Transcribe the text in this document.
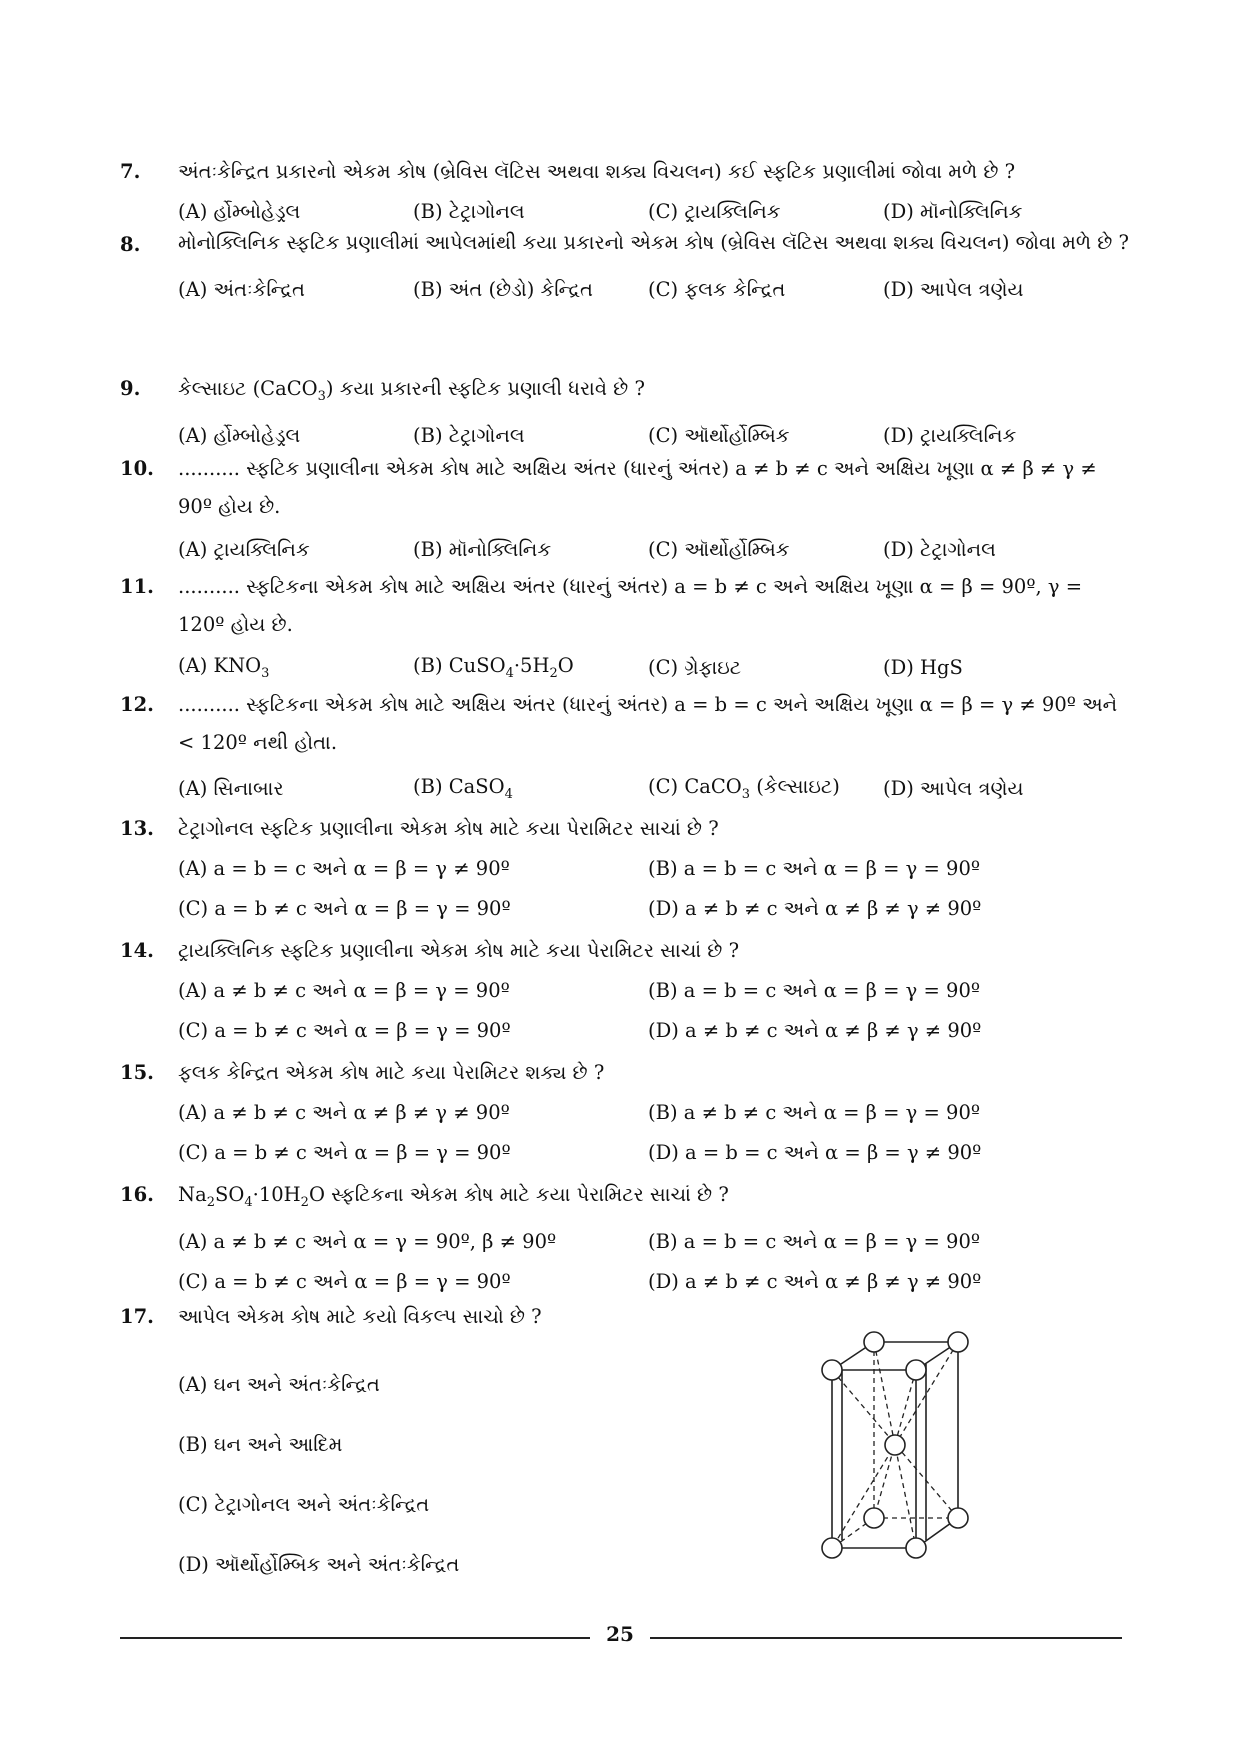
7.	અંતઃકેન્દ્રિત પ્રકારનો એકમ કોષ (બ્રેવિસ લૅટિસ અથવા શક્ય વિચલન) કઈ સ્ફટિક પ્રણાલીમાં જોવા મળે છે ?
(A) ર્હોમ્બોહેડ્રલ	(B) ટેટ્રાગોનલ	(C) ટ્રાયક્લિનિક	(D) મૉનોક્લિનિક
8.	મોનોક્લિનિક સ્ફટિક પ્રણાલીમાં આપેલમાંથી કયા પ્રકારનો એકમ કોષ (બ્રેવિસ લૅટિસ અથવા શક્ય વિચલન) જોવા મળે છે ?
(A) અંતઃકેન્દ્રિત	(B) અંત (છેડો) કેન્દ્રિત	(C) ફલક કેન્દ્રિત	(D) આપેલ ત્રણેય
9.	કેલ્સાઇટ (CaCO$_3$) કયા પ્રકારની સ્ફટિક પ્રણાલી ધરાવે છે ?
(A) ર્હોમ્બોહેડ્રલ	(B) ટેટ્રાગોનલ	(C) ઑર્થોર્હોમ્બિક	(D) ટ્રાયક્લિનિક
10.	.......... સ્ફટિક પ્રણાલીના એકમ કોષ માટે અક્ષિય અંતર (ધારનું અંતર) a ≠ b ≠ c અને અક્ષિય ખૂણા α ≠ β ≠ γ ≠ 90º હોય છે.
(A) ટ્રાયક્લિનિક	(B) મૉનોક્લિનિક	(C) ઑર્થોર્હોમ્બિક	(D) ટેટ્રાગોનલ
11.	.......... સ્ફટિકના એકમ કોષ માટે અક્ષિય અંતર (ધારનું અંતર) a = b ≠ c અને અક્ષિય ખૂણા α = β = 90º, γ = 120º હોય છે.
(A) $KNO_3$	(B) $CuSO_4\cdot 5H_2O$	(C) ગ્રેફાઇટ	(D) HgS
12.	.......... સ્ફટિકના એકમ કોષ માટે અક્ષિય અંતર (ધારનું અંતર) a = b = c અને અક્ષિય ખૂણા α = β = γ ≠ 90º અને < 120º નથી હોતા.
(A) સિનાબાર	(B) CaSO$_4$	(C) CaCO$_3$ (કેલ્સાઇટ)	(D) આપેલ ત્રણેય
13.	ટેટ્રાગોનલ સ્ફટિક પ્રણાલીના એકમ કોષ માટે કયા પેરામિટર સાચાં છે ?
(A) a = b = c અને α = β = γ ≠ 90º	(B) a = b = c અને α = β = γ = 90º
(C) a = b ≠ c અને α = β = γ = 90º	(D) a ≠ b ≠ c અને α ≠ β ≠ γ ≠ 90º
14.	ટ્રાયક્લિનિક સ્ફટિક પ્રણાલીના એકમ કોષ માટે કયા પેરામિટર સાચાં છે ?
(A) a ≠ b ≠ c અને α = β = γ = 90º	(B) a = b = c અને α = β = γ = 90º
(C) a = b ≠ c અને α = β = γ = 90º	(D) a ≠ b ≠ c અને α ≠ β ≠ γ ≠ 90º
15.	ફલક કેન્દ્રિત એકમ કોષ માટે કયા પેરામિટર શક્ય છે ?
(A) a ≠ b ≠ c અને α ≠ β ≠ γ ≠ 90º	(B) a ≠ b ≠ c અને α = β = γ = 90º
(C) a = b ≠ c અને α = β = γ = 90º	(D) a = b = c અને α = β = γ ≠ 90º
16.	$Na_2SO_4\cdot 10H_2O$ સ્ફટિકના એકમ કોષ માટે કયા પેરામિટર સાચાં છે ?
(A) a ≠ b ≠ c અને α = γ = 90º, β ≠ 90º	(B) a = b = c અને α = β = γ = 90º
(C) a = b ≠ c અને α = β = γ = 90º	(D) a ≠ b ≠ c અને α ≠ β ≠ γ ≠ 90º
17.	આપેલ એકમ કોષ માટે કયો વિકલ્પ સાચો છે ?
(A) ઘન અને અંતઃકેન્દ્રિત
(B) ઘન અને આદિમ
(C) ટેટ્રાગોનલ અને અંતઃકેન્દ્રિત
(D) ઑર્થોર્હોમ્બિક અને અંતઃકેન્દ્રિત
25
